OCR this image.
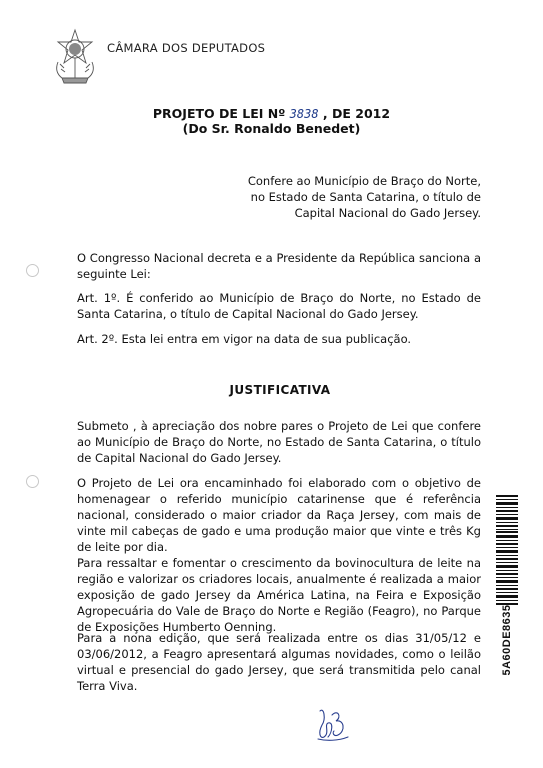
CÂMARA DOS DEPUTADOS
PROJETO DE LEI Nº 3838 , DE 2012
(Do Sr. Ronaldo Benedet)
Confere ao Município de Braço do Norte,
no Estado de Santa Catarina, o título de
Capital Nacional do Gado Jersey.

O Congresso Nacional decreta e a Presidente da República sanciona a seguinte Lei:

Art. 1º. É conferido ao Município de Braço do Norte, no Estado de Santa Catarina, o título de Capital Nacional do Gado Jersey.

Art. 2º. Esta lei entra em vigor na data de sua publicação.

JUSTIFICATIVA

Submeto , à apreciação dos nobre pares o Projeto de Lei que confere ao Município de Braço do Norte, no Estado de Santa Catarina, o título de Capital Nacional do Gado Jersey.

O Projeto de Lei ora encaminhado foi elaborado com o objetivo de homenagear o referido município catarinense que é referência nacional, considerado o maior criador da Raça Jersey, com mais de vinte mil cabeças de gado e uma produção maior que vinte e três Kg de leite por dia.

Para ressaltar e fomentar o crescimento da bovinocultura de leite na região e valorizar os criadores locais, anualmente é realizada a maior exposição de gado Jersey da América Latina, na Feira e Exposição Agropecuária do Vale de Braço do Norte e Região (Feagro), no Parque de Exposições Humberto Oenning.

Para a nona edição, que será realizada entre os dias 31/05/12 e 03/06/2012, a Feagro apresentará algumas novidades, como o leilão virtual e presencial do gado Jersey, que será transmitida pelo canal Terra Viva.

5A60DE8635
